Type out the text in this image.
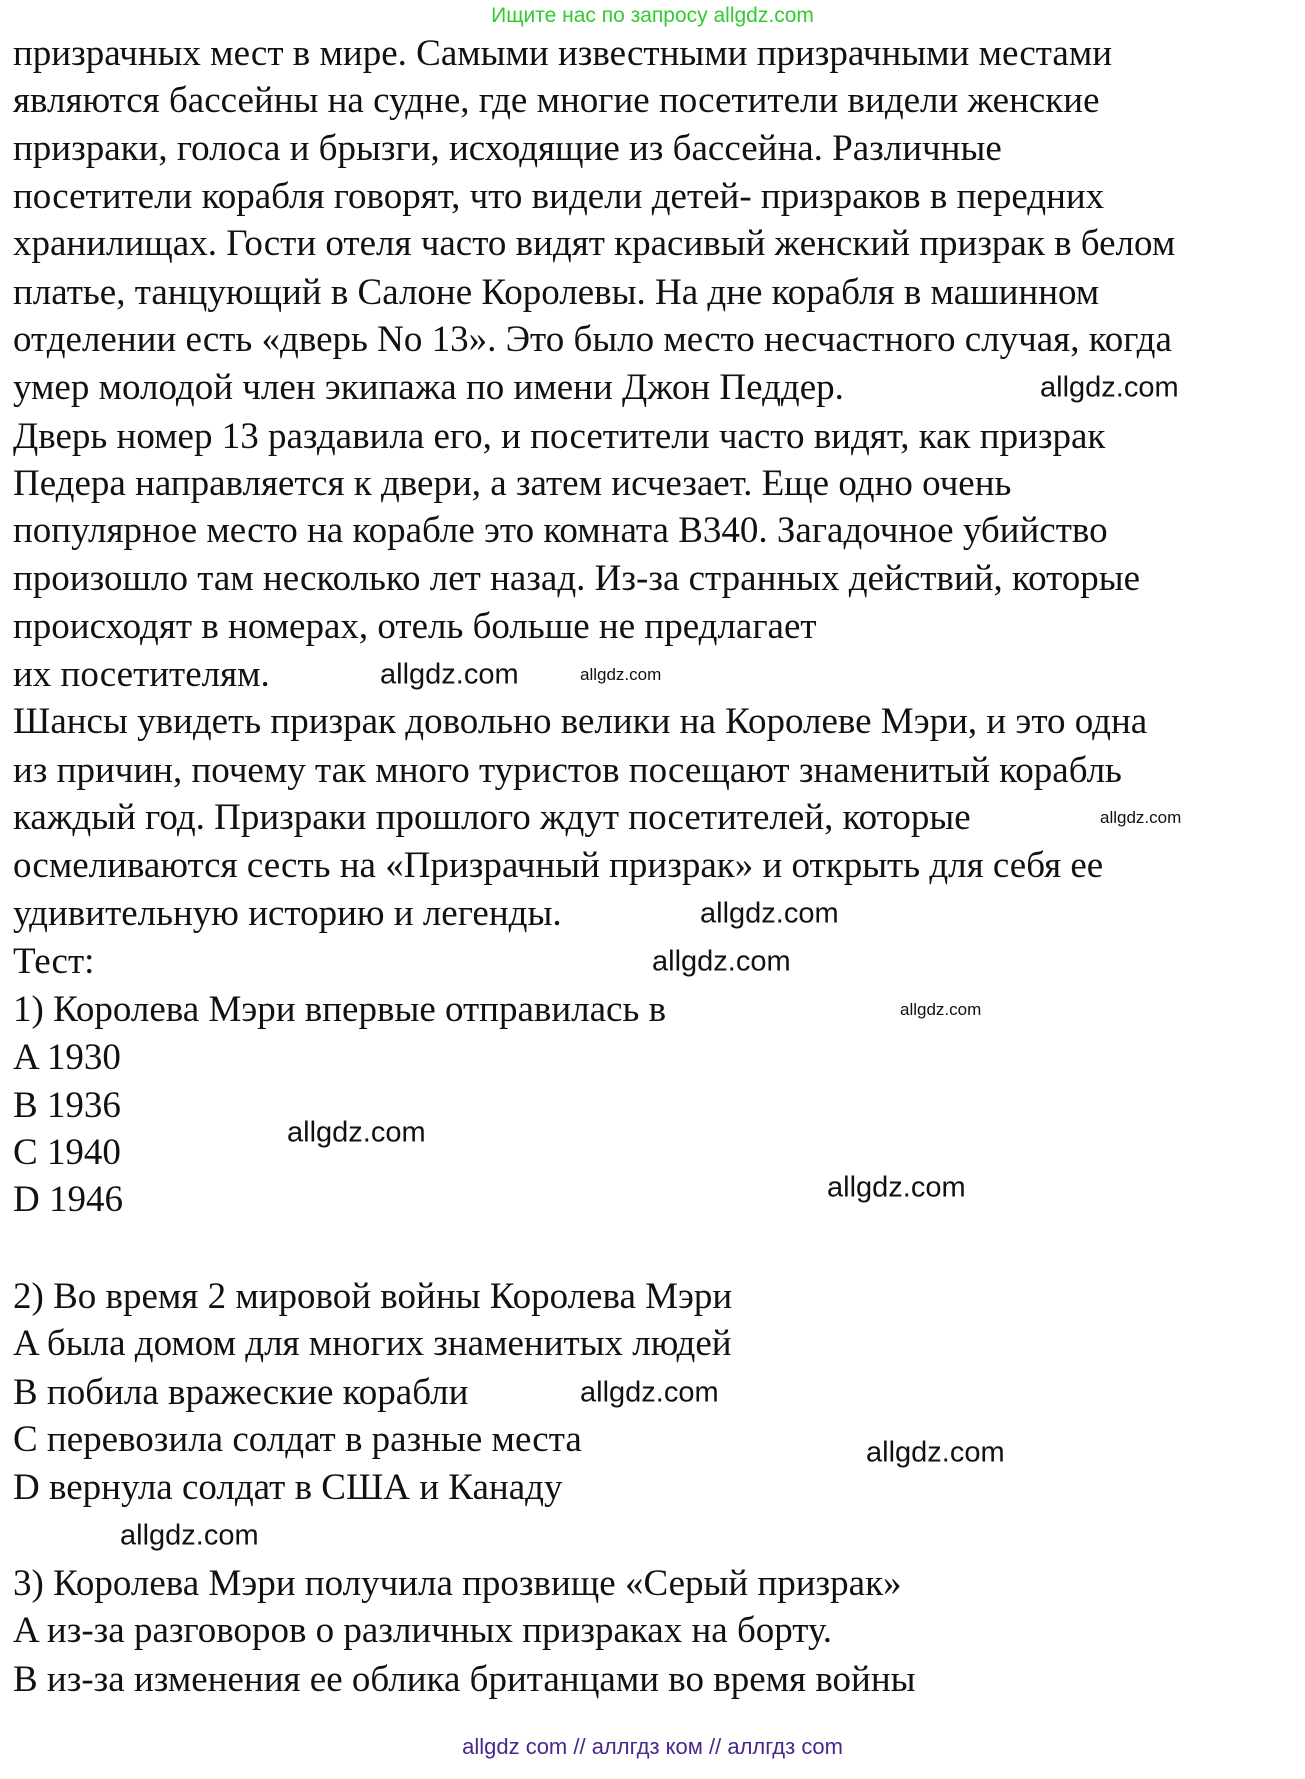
Ищите нас по запросу allgdz.com
призрачных мест в мире. Самыми известными призрачными местами
являются бассейны на судне, где многие посетители видели женские
призраки, голоса и брызги, исходящие из бассейна. Различные
посетители корабля говорят, что видели детей- призраков в передних
хранилищах. Гости отеля часто видят красивый женский призрак в белом
платье, танцующий в Салоне Королевы. На дне корабля в машинном
отделении есть «дверь No 13». Это было место несчастного случая, когда
умер молодой член экипажа по имени Джон Педдер.
Дверь номер 13 раздавила его, и посетители часто видят, как призрак
Педера направляется к двери, а затем исчезает. Еще одно очень
популярное место на корабле это комната B340. Загадочное убийство
произошло там несколько лет назад. Из-за странных действий, которые
происходят в номерах, отель больше не предлагает
их посетителям.
Шансы увидеть призрак довольно велики на Королеве Мэри, и это одна
из причин, почему так много туристов посещают знаменитый корабль
каждый год. Призраки прошлого ждут посетителей, которые
осмеливаются сесть на «Призрачный призрак» и открыть для себя ее
удивительную историю и легенды.
Тест:
1) Королева Мэри впервые отправилась в
A 1930
B 1936
C 1940
D 1946
2) Во время 2 мировой войны Королева Мэри
A была домом для многих знаменитых людей
B побила вражеские корабли
C перевозила солдат в разные места
D вернула солдат в США и Канаду
3) Королева Мэри получила прозвище «Серый призрак»
A из-за разговоров о различных призраках на борту.
B из-за изменения ее облика британцами во время войны
allgdz.com
allgdz.com
allgdz.com
allgdz.com
allgdz.com
allgdz.com
allgdz.com
allgdz.com
allgdz.com
allgdz.com
allgdz.com
allgdz.com
allgdz com // аллгдз ком // аллгдз com
